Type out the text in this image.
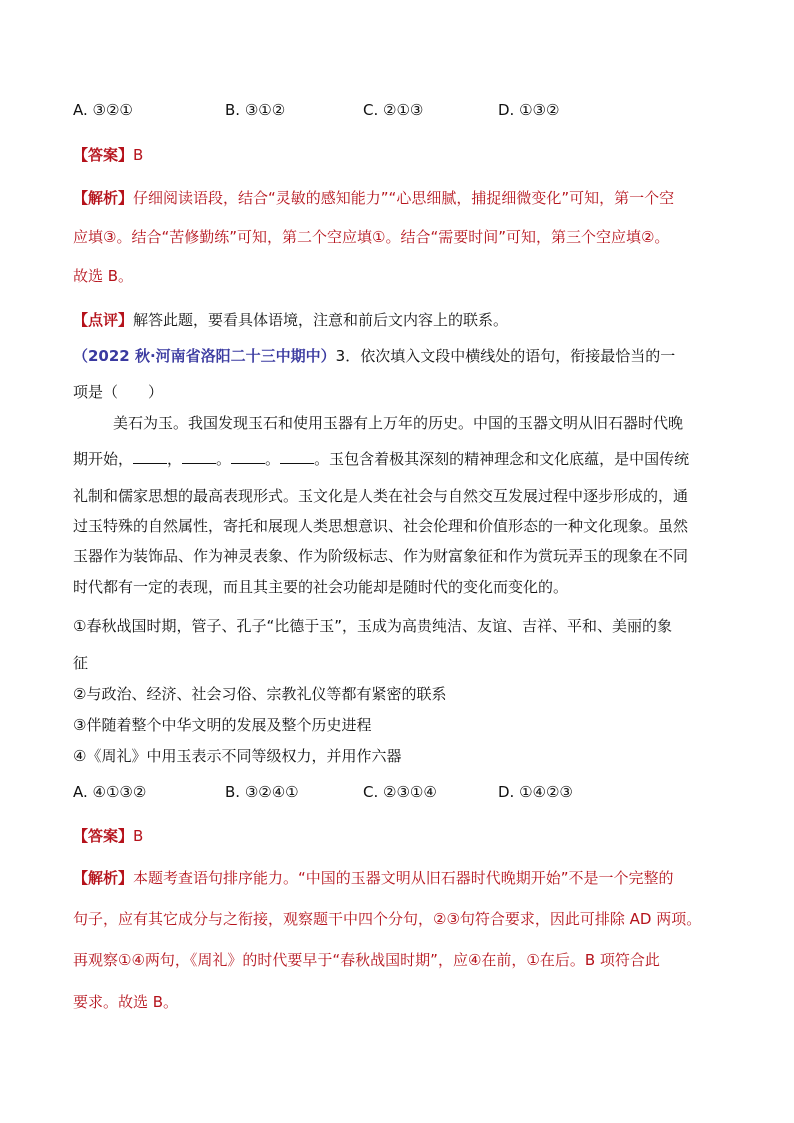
A. ③②①	B. ③①②	C. ②①③	D. ①③②

【答案】B

【解析】仔细阅读语段，结合“灵敏的感知能力”“心思细腻，捕捉细微变化”可知，第一个空

应填③。结合“苦修勤练”可知，第二个空应填①。结合“需要时间”可知，第三个空应填②。

故选 B。

【点评】解答此题，要看具体语境，注意和前后文内容上的联系。

（2022 秋·河南省洛阳二十三中期中）3．依次填入文段中横线处的语句，衔接最恰当的一

项是（　　）

美石为玉。我国发现玉石和使用玉器有上万年的历史。中国的玉器文明从旧石器时代晚

期开始， ， 。 。 。玉包含着极其深刻的精神理念和文化底蕴，是中国传统

礼制和儒家思想的最高表现形式。玉文化是人类在社会与自然交互发展过程中逐步形成的，通

过玉特殊的自然属性，寄托和展现人类思想意识、社会伦理和价值形态的一种文化现象。虽然

玉器作为装饰品、作为神灵表象、作为阶级标志、作为财富象征和作为赏玩弄玉的现象在不同

时代都有一定的表现，而且其主要的社会功能却是随时代的变化而变化的。

①春秋战国时期，管子、孔子“比德于玉”，玉成为高贵纯洁、友谊、吉祥、平和、美丽的象

征

②与政治、经济、社会习俗、宗教礼仪等都有紧密的联系

③伴随着整个中华文明的发展及整个历史进程

④《周礼》中用玉表示不同等级权力，并用作六器

A. ④①③②	B. ③②④①	C. ②③①④	D. ①④②③

【答案】B

【解析】本题考查语句排序能力。“中国的玉器文明从旧石器时代晚期开始”不是一个完整的

句子，应有其它成分与之衔接，观察题干中四个分句，②③句符合要求，因此可排除 AD 两项。

再观察①④两句，《周礼》的时代要早于“春秋战国时期”，应④在前，①在后。B 项符合此

要求。故选 B。
